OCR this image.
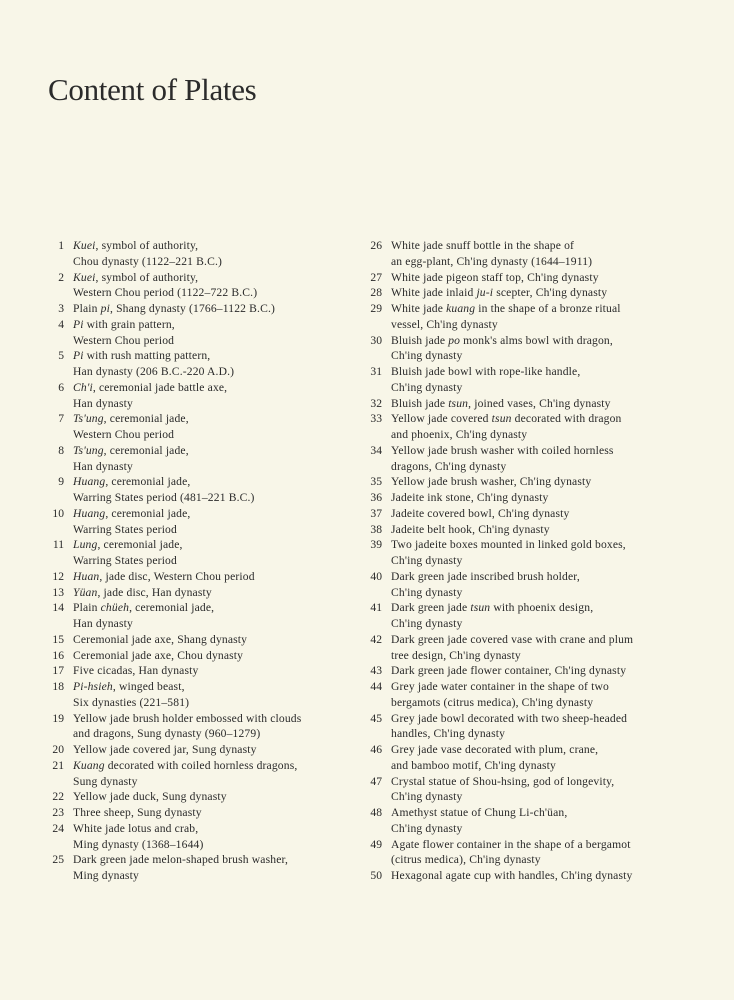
Content of Plates
1 Kuei, symbol of authority,
Chou dynasty (1122–221 B.C.)
2 Kuei, symbol of authority,
Western Chou period (1122–722 B.C.)
3 Plain pi, Shang dynasty (1766–1122 B.C.)
4 Pi with grain pattern,
Western Chou period
5 Pi with rush matting pattern,
Han dynasty (206 B.C.-220 A.D.)
6 Ch'i, ceremonial jade battle axe,
Han dynasty
7 Ts'ung, ceremonial jade,
Western Chou period
8 Ts'ung, ceremonial jade,
Han dynasty
9 Huang, ceremonial jade,
Warring States period (481–221 B.C.)
10 Huang, ceremonial jade,
Warring States period
11 Lung, ceremonial jade,
Warring States period
12 Huan, jade disc, Western Chou period
13 Yüan, jade disc, Han dynasty
14 Plain chüeh, ceremonial jade,
Han dynasty
15 Ceremonial jade axe, Shang dynasty
16 Ceremonial jade axe, Chou dynasty
17 Five cicadas, Han dynasty
18 Pi-hsieh, winged beast,
Six dynasties (221–581)
19 Yellow jade brush holder embossed with clouds
and dragons, Sung dynasty (960–1279)
20 Yellow jade covered jar, Sung dynasty
21 Kuang decorated with coiled hornless dragons,
Sung dynasty
22 Yellow jade duck, Sung dynasty
23 Three sheep, Sung dynasty
24 White jade lotus and crab,
Ming dynasty (1368–1644)
25 Dark green jade melon-shaped brush washer,
Ming dynasty
26 White jade snuff bottle in the shape of
an egg-plant, Ch'ing dynasty (1644–1911)
27 White jade pigeon staff top, Ch'ing dynasty
28 White jade inlaid ju-i scepter, Ch'ing dynasty
29 White jade kuang in the shape of a bronze ritual
vessel, Ch'ing dynasty
30 Bluish jade po monk's alms bowl with dragon,
Ch'ing dynasty
31 Bluish jade bowl with rope-like handle,
Ch'ing dynasty
32 Bluish jade tsun, joined vases, Ch'ing dynasty
33 Yellow jade covered tsun decorated with dragon
and phoenix, Ch'ing dynasty
34 Yellow jade brush washer with coiled hornless
dragons, Ch'ing dynasty
35 Yellow jade brush washer, Ch'ing dynasty
36 Jadeite ink stone, Ch'ing dynasty
37 Jadeite covered bowl, Ch'ing dynasty
38 Jadeite belt hook, Ch'ing dynasty
39 Two jadeite boxes mounted in linked gold boxes,
Ch'ing dynasty
40 Dark green jade inscribed brush holder,
Ch'ing dynasty
41 Dark green jade tsun with phoenix design,
Ch'ing dynasty
42 Dark green jade covered vase with crane and plum
tree design, Ch'ing dynasty
43 Dark green jade flower container, Ch'ing dynasty
44 Grey jade water container in the shape of two
bergamots (citrus medica), Ch'ing dynasty
45 Grey jade bowl decorated with two sheep-headed
handles, Ch'ing dynasty
46 Grey jade vase decorated with plum, crane,
and bamboo motif, Ch'ing dynasty
47 Crystal statue of Shou-hsing, god of longevity,
Ch'ing dynasty
48 Amethyst statue of Chung Li-ch'üan,
Ch'ing dynasty
49 Agate flower container in the shape of a bergamot
(citrus medica), Ch'ing dynasty
50 Hexagonal agate cup with handles, Ch'ing dynasty
